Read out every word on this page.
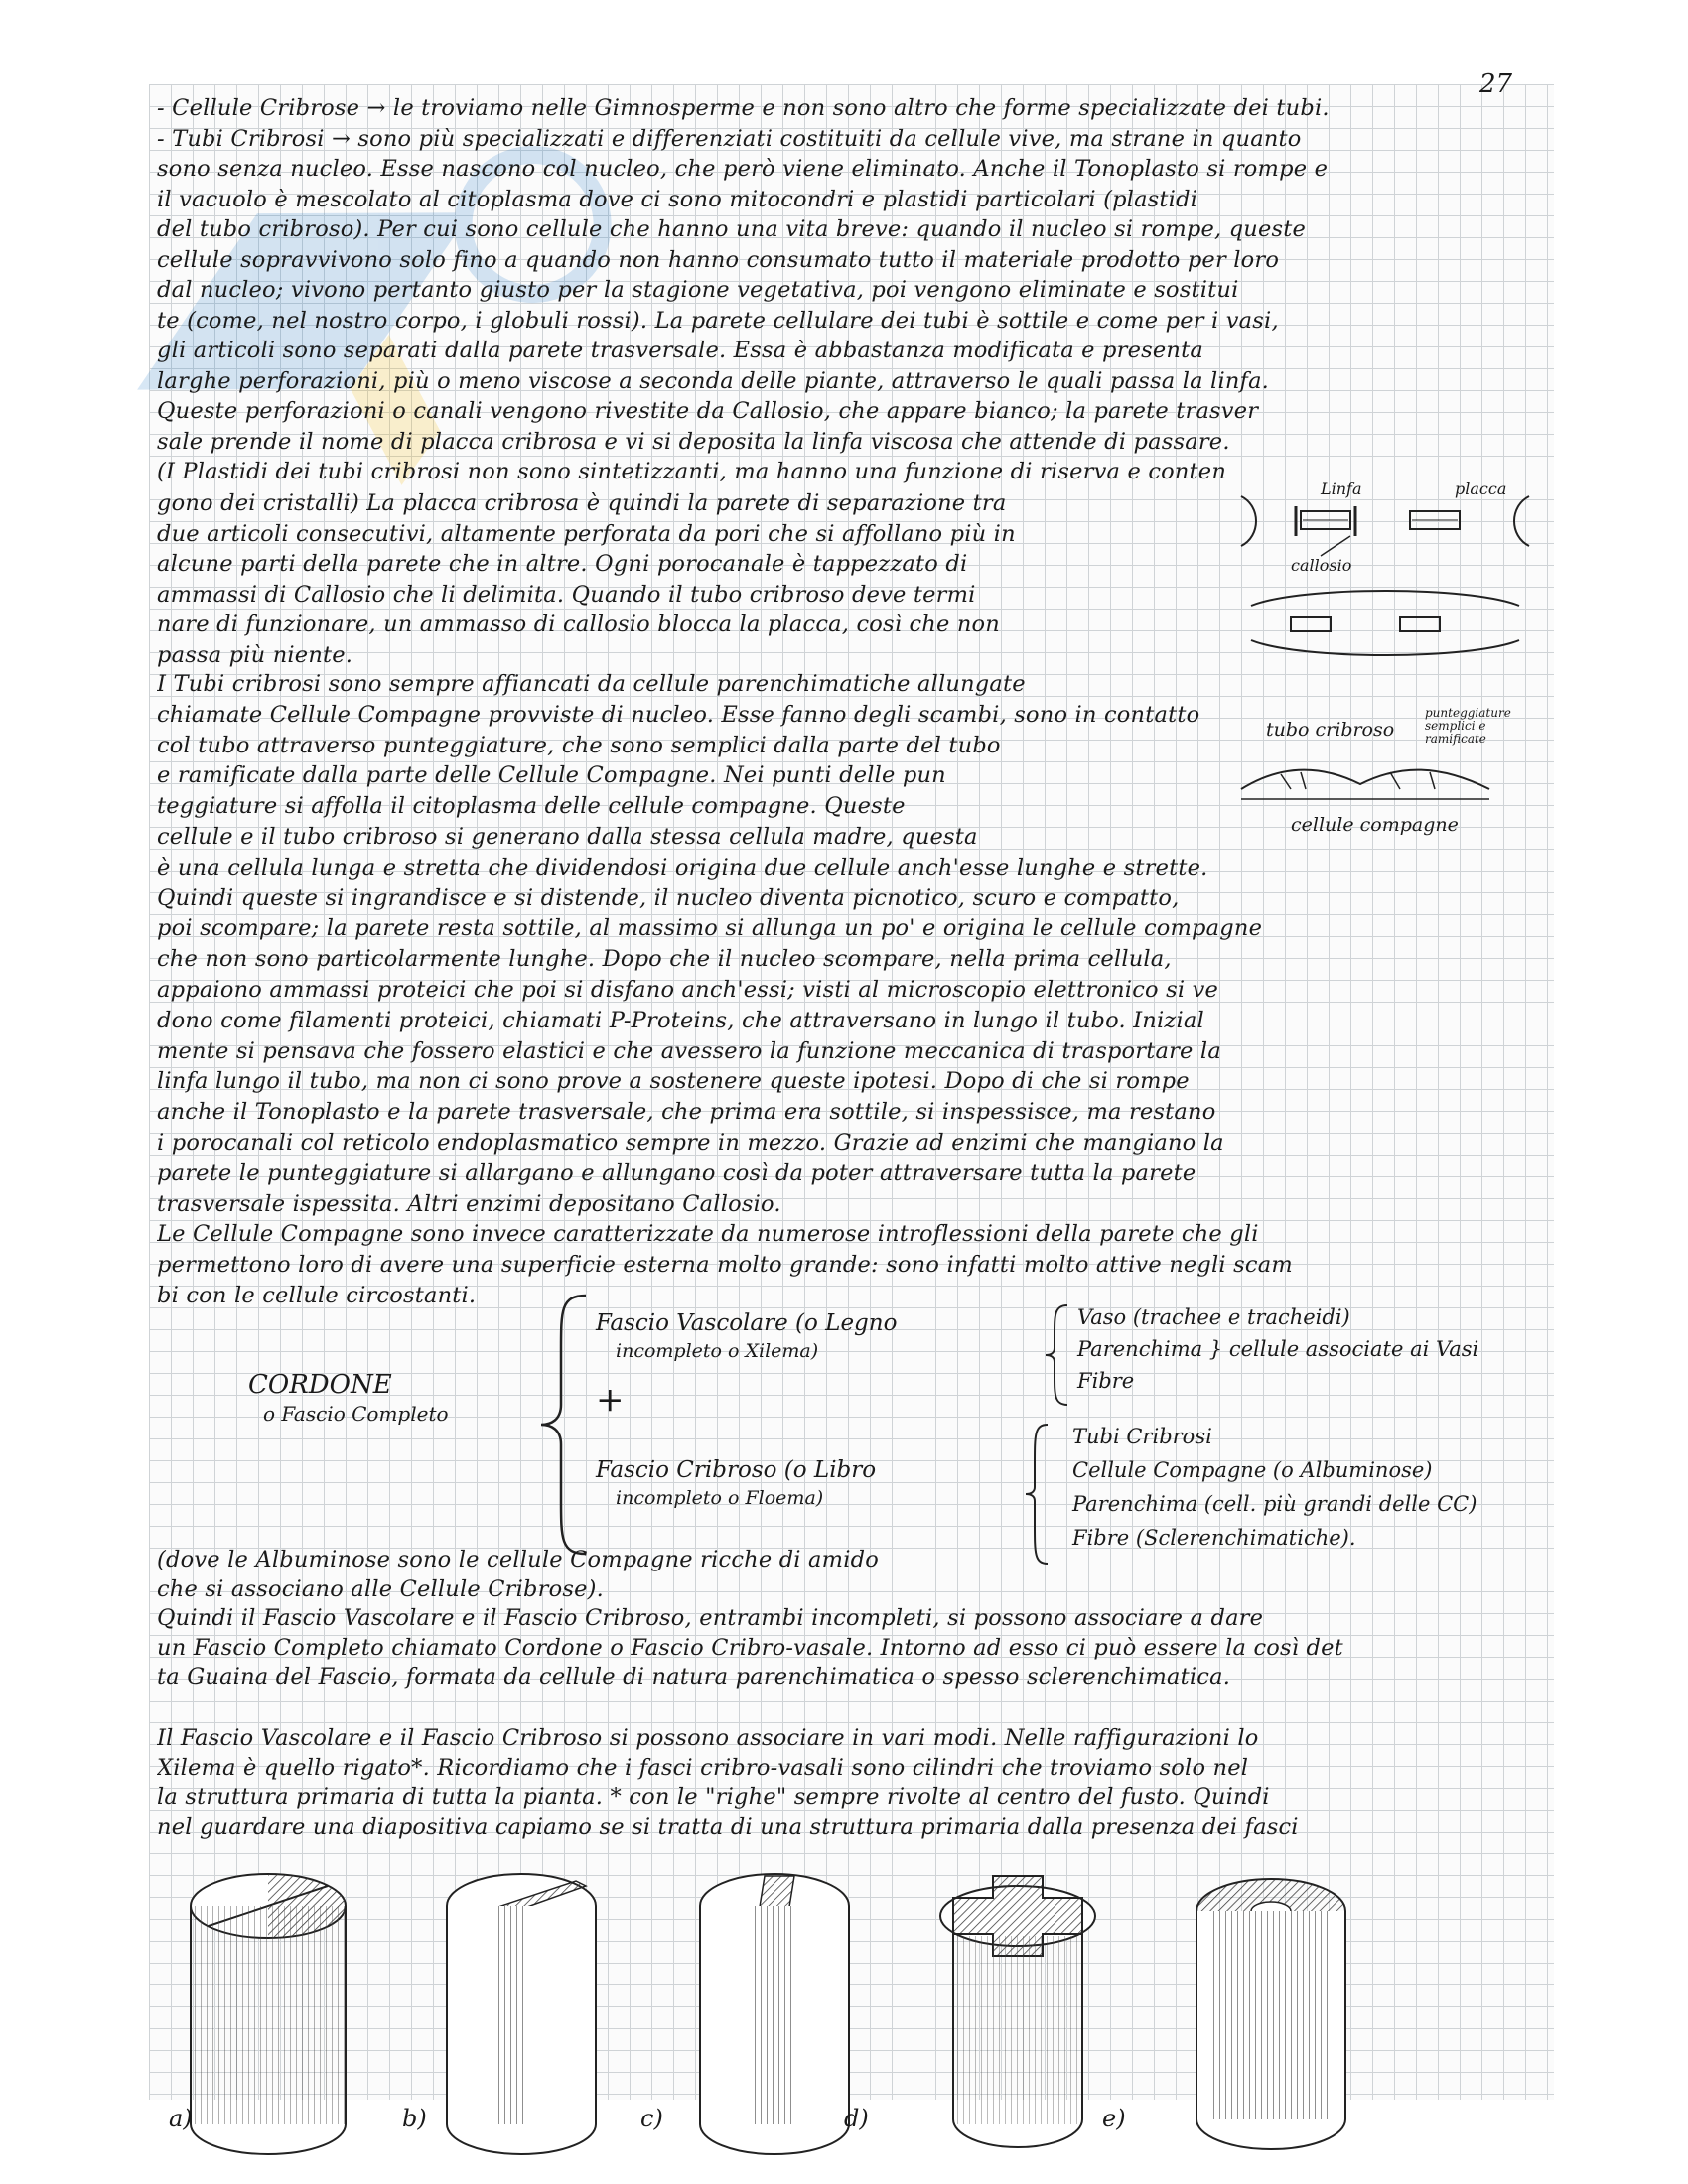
27
- Cellule Cribrose → le troviamo nelle Gimnosperme e non sono altro che forme specializzate dei tubi.
- Tubi Cribrosi → sono più specializzati e differenziati costituiti da cellule vive, ma strane in quanto
sono senza nucleo. Esse nascono col nucleo, che però viene eliminato. Anche il Tonoplasto si rompe e
il vacuolo è mescolato al citoplasma dove ci sono mitocondri e plastidi particolari (plastidi
del tubo cribroso). Per cui sono cellule che hanno una vita breve: quando il nucleo si rompe, queste
cellule sopravvivono solo fino a quando non hanno consumato tutto il materiale prodotto per loro
dal nucleo; vivono pertanto giusto per la stagione vegetativa, poi vengono eliminate e sostitui
te (come, nel nostro corpo, i globuli rossi). La parete cellulare dei tubi è sottile e come per i vasi,
gli articoli sono separati dalla parete trasversale. Essa è abbastanza modificata e presenta
larghe perforazioni, più o meno viscose a seconda delle piante, attraverso le quali passa la linfa.
Queste perforazioni o canali vengono rivestite da Callosio, che appare bianco; la parete trasver
sale prende il nome di placca cribrosa e vi si deposita la linfa viscosa che attende di passare.
(I Plastidi dei tubi cribrosi non sono sintetizzanti, ma hanno una funzione di riserva e conten
gono dei cristalli) La placca cribrosa è quindi la parete di separazione tra
due articoli consecutivi, altamente perforata da pori che si affollano più in
alcune parti della parete che in altre. Ogni porocanale è tappezzato di
ammassi di Callosio che li delimita. Quando il tubo cribroso deve termi
nare di funzionare, un ammasso di callosio blocca la placca, così che non
passa più niente.
I Tubi cribrosi sono sempre affiancati da cellule parenchimatiche allungate
chiamate Cellule Compagne provviste di nucleo. Esse fanno degli scambi, sono in contatto
col tubo attraverso punteggiature, che sono semplici dalla parte del tubo
e ramificate dalla parte delle Cellule Compagne. Nei punti delle pun
teggiature si affolla il citoplasma delle cellule compagne. Queste
cellule e il tubo cribroso si generano dalla stessa cellula madre, questa
è una cellula lunga e stretta che dividendosi origina due cellule anch'esse lunghe e strette.
Quindi queste si ingrandisce e si distende, il nucleo diventa picnotico, scuro e compatto,
poi scompare; la parete resta sottile, al massimo si allunga un po' e origina le cellule compagne
che non sono particolarmente lunghe. Dopo che il nucleo scompare, nella prima cellula,
appaiono ammassi proteici che poi si disfano anch'essi; visti al microscopio elettronico si ve
dono come filamenti proteici, chiamati P-Proteins, che attraversano in lungo il tubo. Inizial
mente si pensava che fossero elastici e che avessero la funzione meccanica di trasportare la
linfa lungo il tubo, ma non ci sono prove a sostenere queste ipotesi. Dopo di che si rompe
anche il Tonoplasto e la parete trasversale, che prima era sottile, si inspessisce, ma restano
i porocanali col reticolo endoplasmatico sempre in mezzo. Grazie ad enzimi che mangiano la
parete le punteggiature si allargano e allungano così da poter attraversare tutta la parete
trasversale ispessita. Altri enzimi depositano Callosio.
Le Cellule Compagne sono invece caratterizzate da numerose introflessioni della parete che gli
permettono loro di avere una superficie esterna molto grande: sono infatti molto attive negli scam
bi con le cellule circostanti.
Linfa	placca
callosio
tubo cribroso
punteggiature semplici e ramificate
cellule compagne
CORDONE
o Fascio Completo
Fascio Vascolare (o Legno
incompleto o Xilema)
+
Fascio Cribroso (o Libro
incompleto o Floema)
Vaso (trachee e tracheidi)
Parenchima } cellule associate ai Vasi
Fibre
Tubi Cribrosi
Cellule Compagne (o Albuminose)
Parenchima (cell. più grandi delle CC)
Fibre (Sclerenchimatiche).
(dove le Albuminose sono le cellule Compagne ricche di amido
che si associano alle Cellule Cribrose).
Quindi il Fascio Vascolare e il Fascio Cribroso, entrambi incompleti, si possono associare a dare
un Fascio Completo chiamato Cordone o Fascio Cribro-vasale. Intorno ad esso ci può essere la così det
ta Guaina del Fascio, formata da cellule di natura parenchimatica o spesso sclerenchimatica.
Il Fascio Vascolare e il Fascio Cribroso si possono associare in vari modi. Nelle raffigurazioni lo
Xilema è quello rigato*. Ricordiamo che i fasci cribro-vasali sono cilindri che troviamo solo nel
la struttura primaria di tutta la pianta. * con le "righe" sempre rivolte al centro del fusto. Quindi
nel guardare una diapositiva capiamo se si tratta di una struttura primaria dalla presenza dei fasci
a)	b)	c)	d)	e)
